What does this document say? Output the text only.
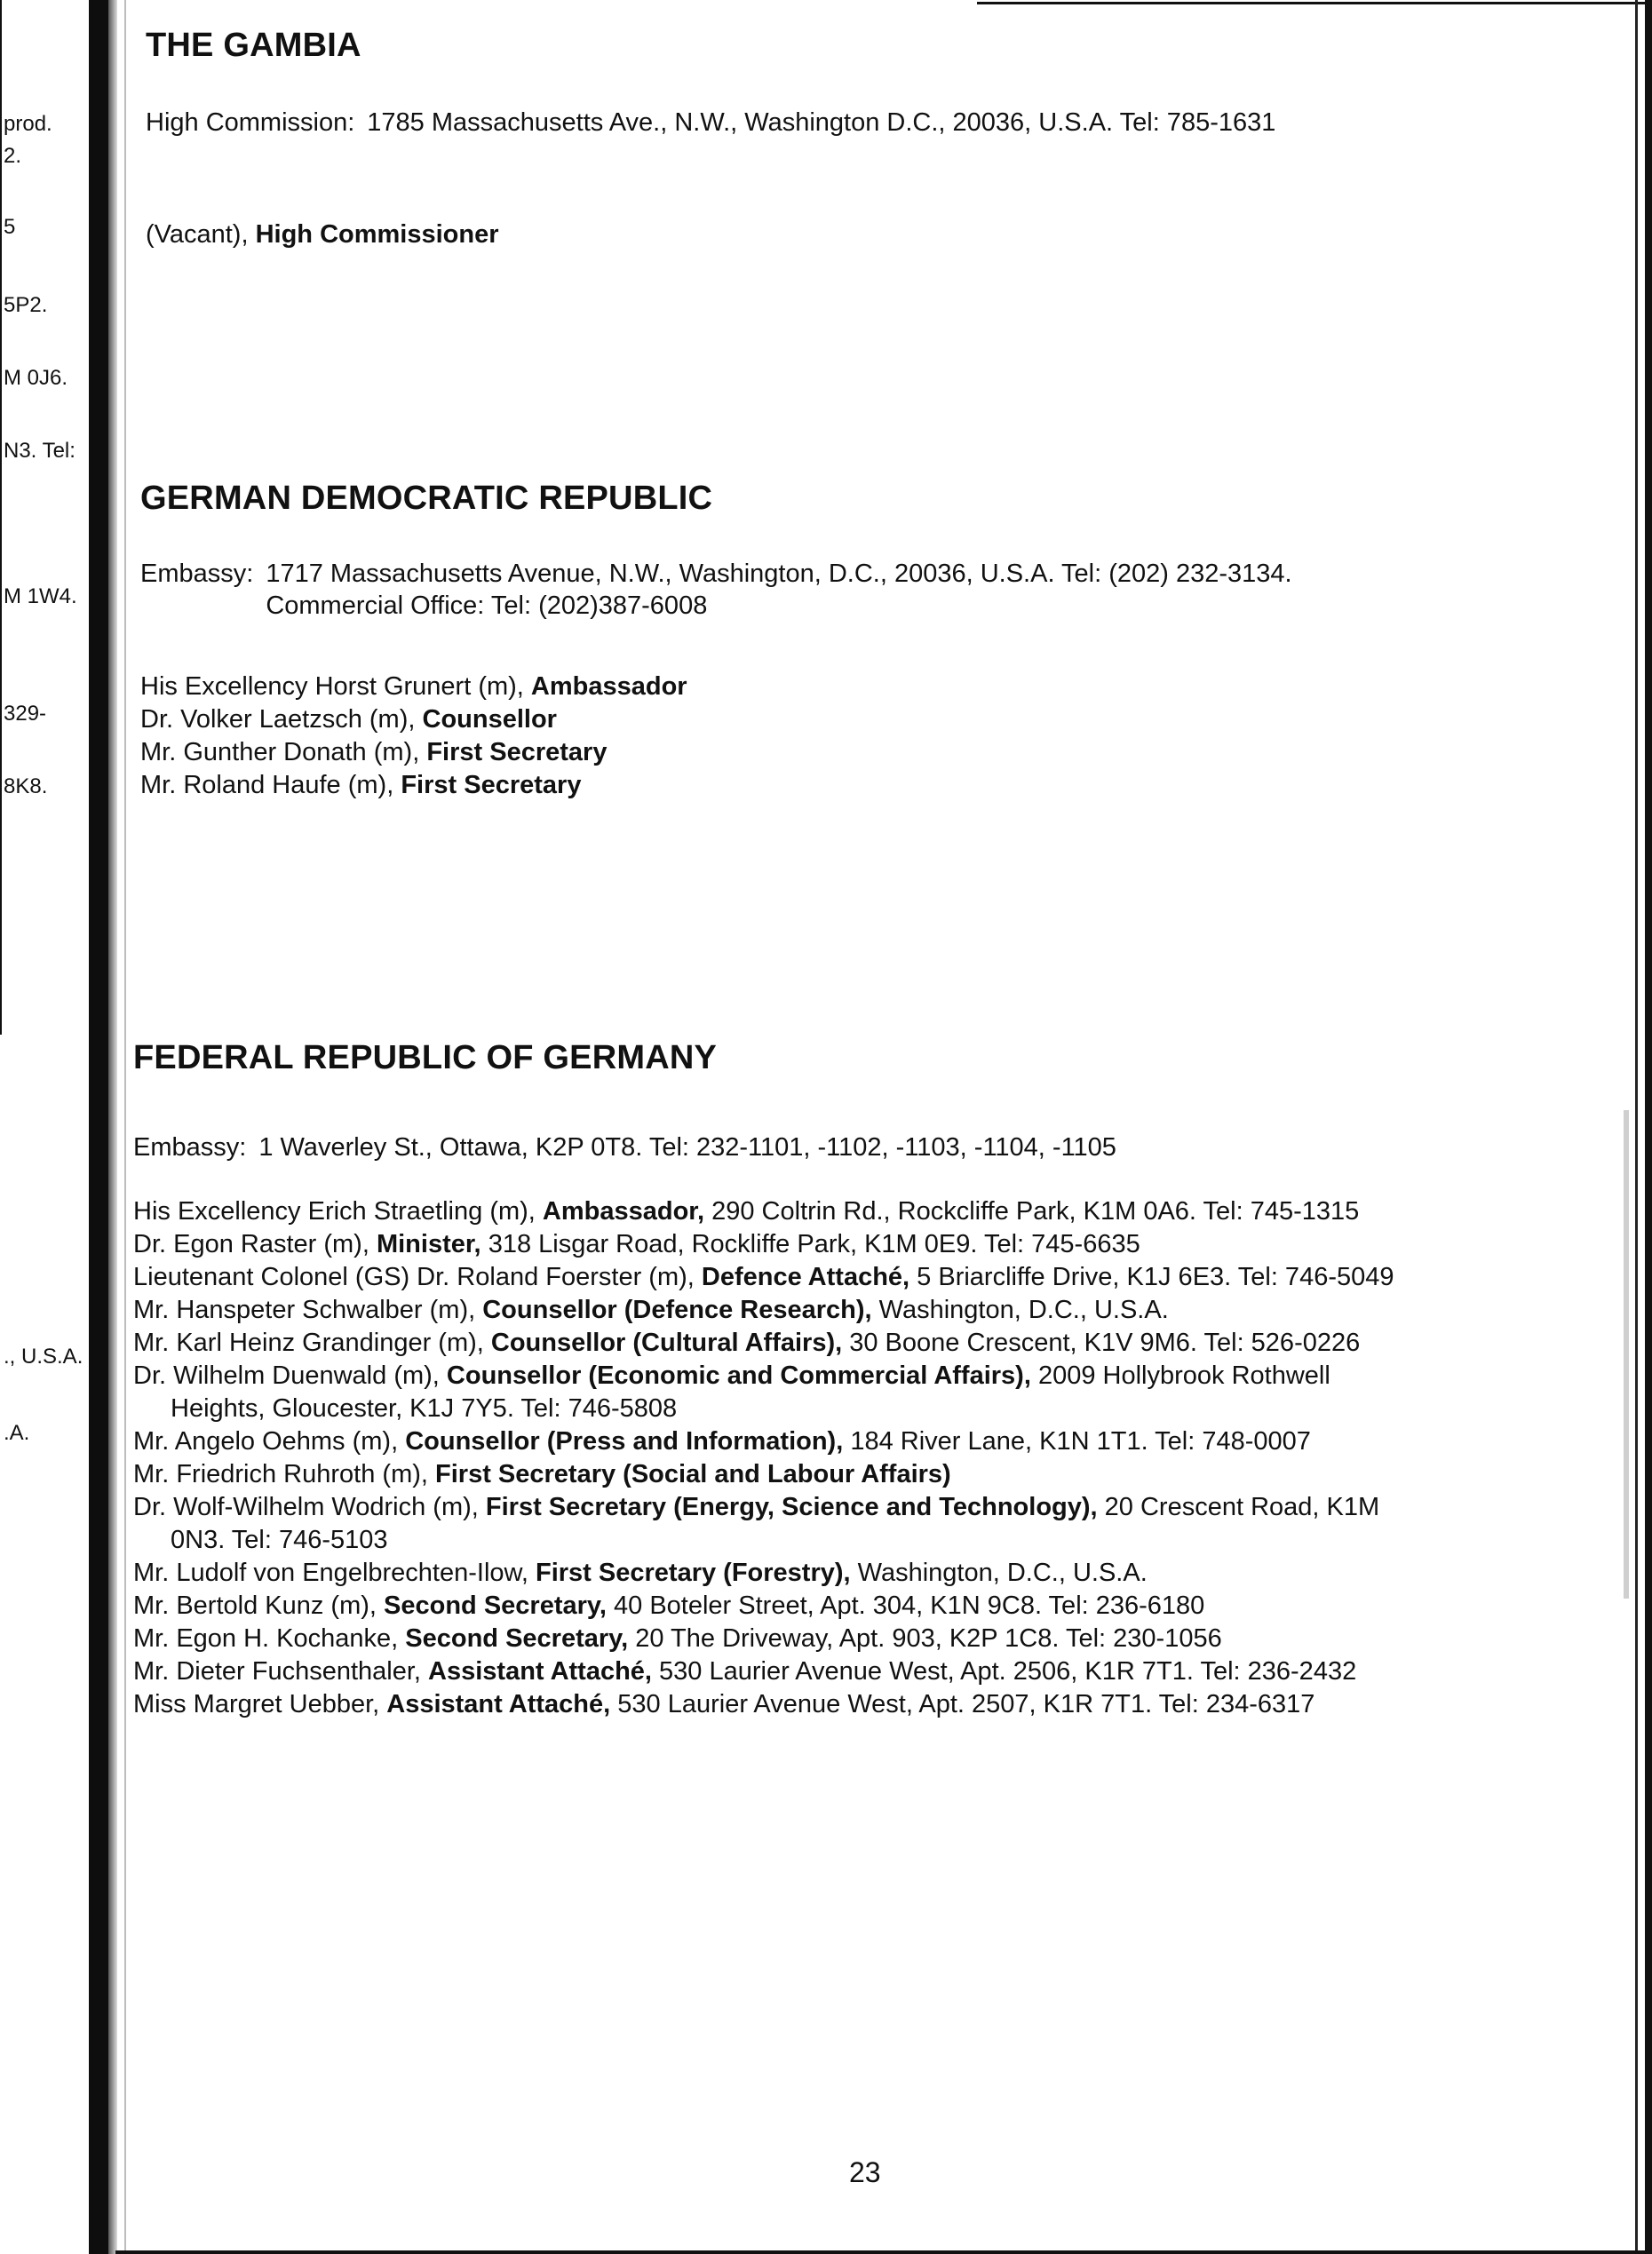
prod.
2.
5
5P2.
M 0J6.
N3. Tel:
M 1W4.
329-
8K8.
., U.S.A.
.A.
THE GAMBIA
High Commission: 1785 Massachusetts Ave., N.W., Washington D.C., 20036, U.S.A. Tel: 785-1631
(Vacant), High Commissioner
GERMAN DEMOCRATIC REPUBLIC
Embassy: 1717 Massachusetts Avenue, N.W., Washington, D.C., 20036, U.S.A. Tel: (202) 232-3134. Commercial Office: Tel: (202)387-6008
His Excellency Horst Grunert (m), Ambassador
Dr. Volker Laetzsch (m), Counsellor
Mr. Gunther Donath (m), First Secretary
Mr. Roland Haufe (m), First Secretary
FEDERAL REPUBLIC OF GERMANY
Embassy: 1 Waverley St., Ottawa, K2P 0T8. Tel: 232-1101, -1102, -1103, -1104, -1105
His Excellency Erich Straetling (m), Ambassador, 290 Coltrin Rd., Rockcliffe Park, K1M 0A6. Tel: 745-1315
Dr. Egon Raster (m), Minister, 318 Lisgar Road, Rockliffe Park, K1M 0E9. Tel: 745-6635
Lieutenant Colonel (GS) Dr. Roland Foerster (m), Defence Attaché, 5 Briarcliffe Drive, K1J 6E3. Tel: 746-5049
Mr. Hanspeter Schwalber (m), Counsellor (Defence Research), Washington, D.C., U.S.A.
Mr. Karl Heinz Grandinger (m), Counsellor (Cultural Affairs), 30 Boone Crescent, K1V 9M6. Tel: 526-0226
Dr. Wilhelm Duenwald (m), Counsellor (Economic and Commercial Affairs), 2009 Hollybrook Rothwell Heights, Gloucester, K1J 7Y5. Tel: 746-5808
Mr. Angelo Oehms (m), Counsellor (Press and Information), 184 River Lane, K1N 1T1. Tel: 748-0007
Mr. Friedrich Ruhroth (m), First Secretary (Social and Labour Affairs)
Dr. Wolf-Wilhelm Wodrich (m), First Secretary (Energy, Science and Technology), 20 Crescent Road, K1M 0N3. Tel: 746-5103
Mr. Ludolf von Engelbrechten-Ilow, First Secretary (Forestry), Washington, D.C., U.S.A.
Mr. Bertold Kunz (m), Second Secretary, 40 Boteler Street, Apt. 304, K1N 9C8. Tel: 236-6180
Mr. Egon H. Kochanke, Second Secretary, 20 The Driveway, Apt. 903, K2P 1C8. Tel: 230-1056
Mr. Dieter Fuchsenthaler, Assistant Attaché, 530 Laurier Avenue West, Apt. 2506, K1R 7T1. Tel: 236-2432
Miss Margret Uebber, Assistant Attaché, 530 Laurier Avenue West, Apt. 2507, K1R 7T1. Tel: 234-6317
23
